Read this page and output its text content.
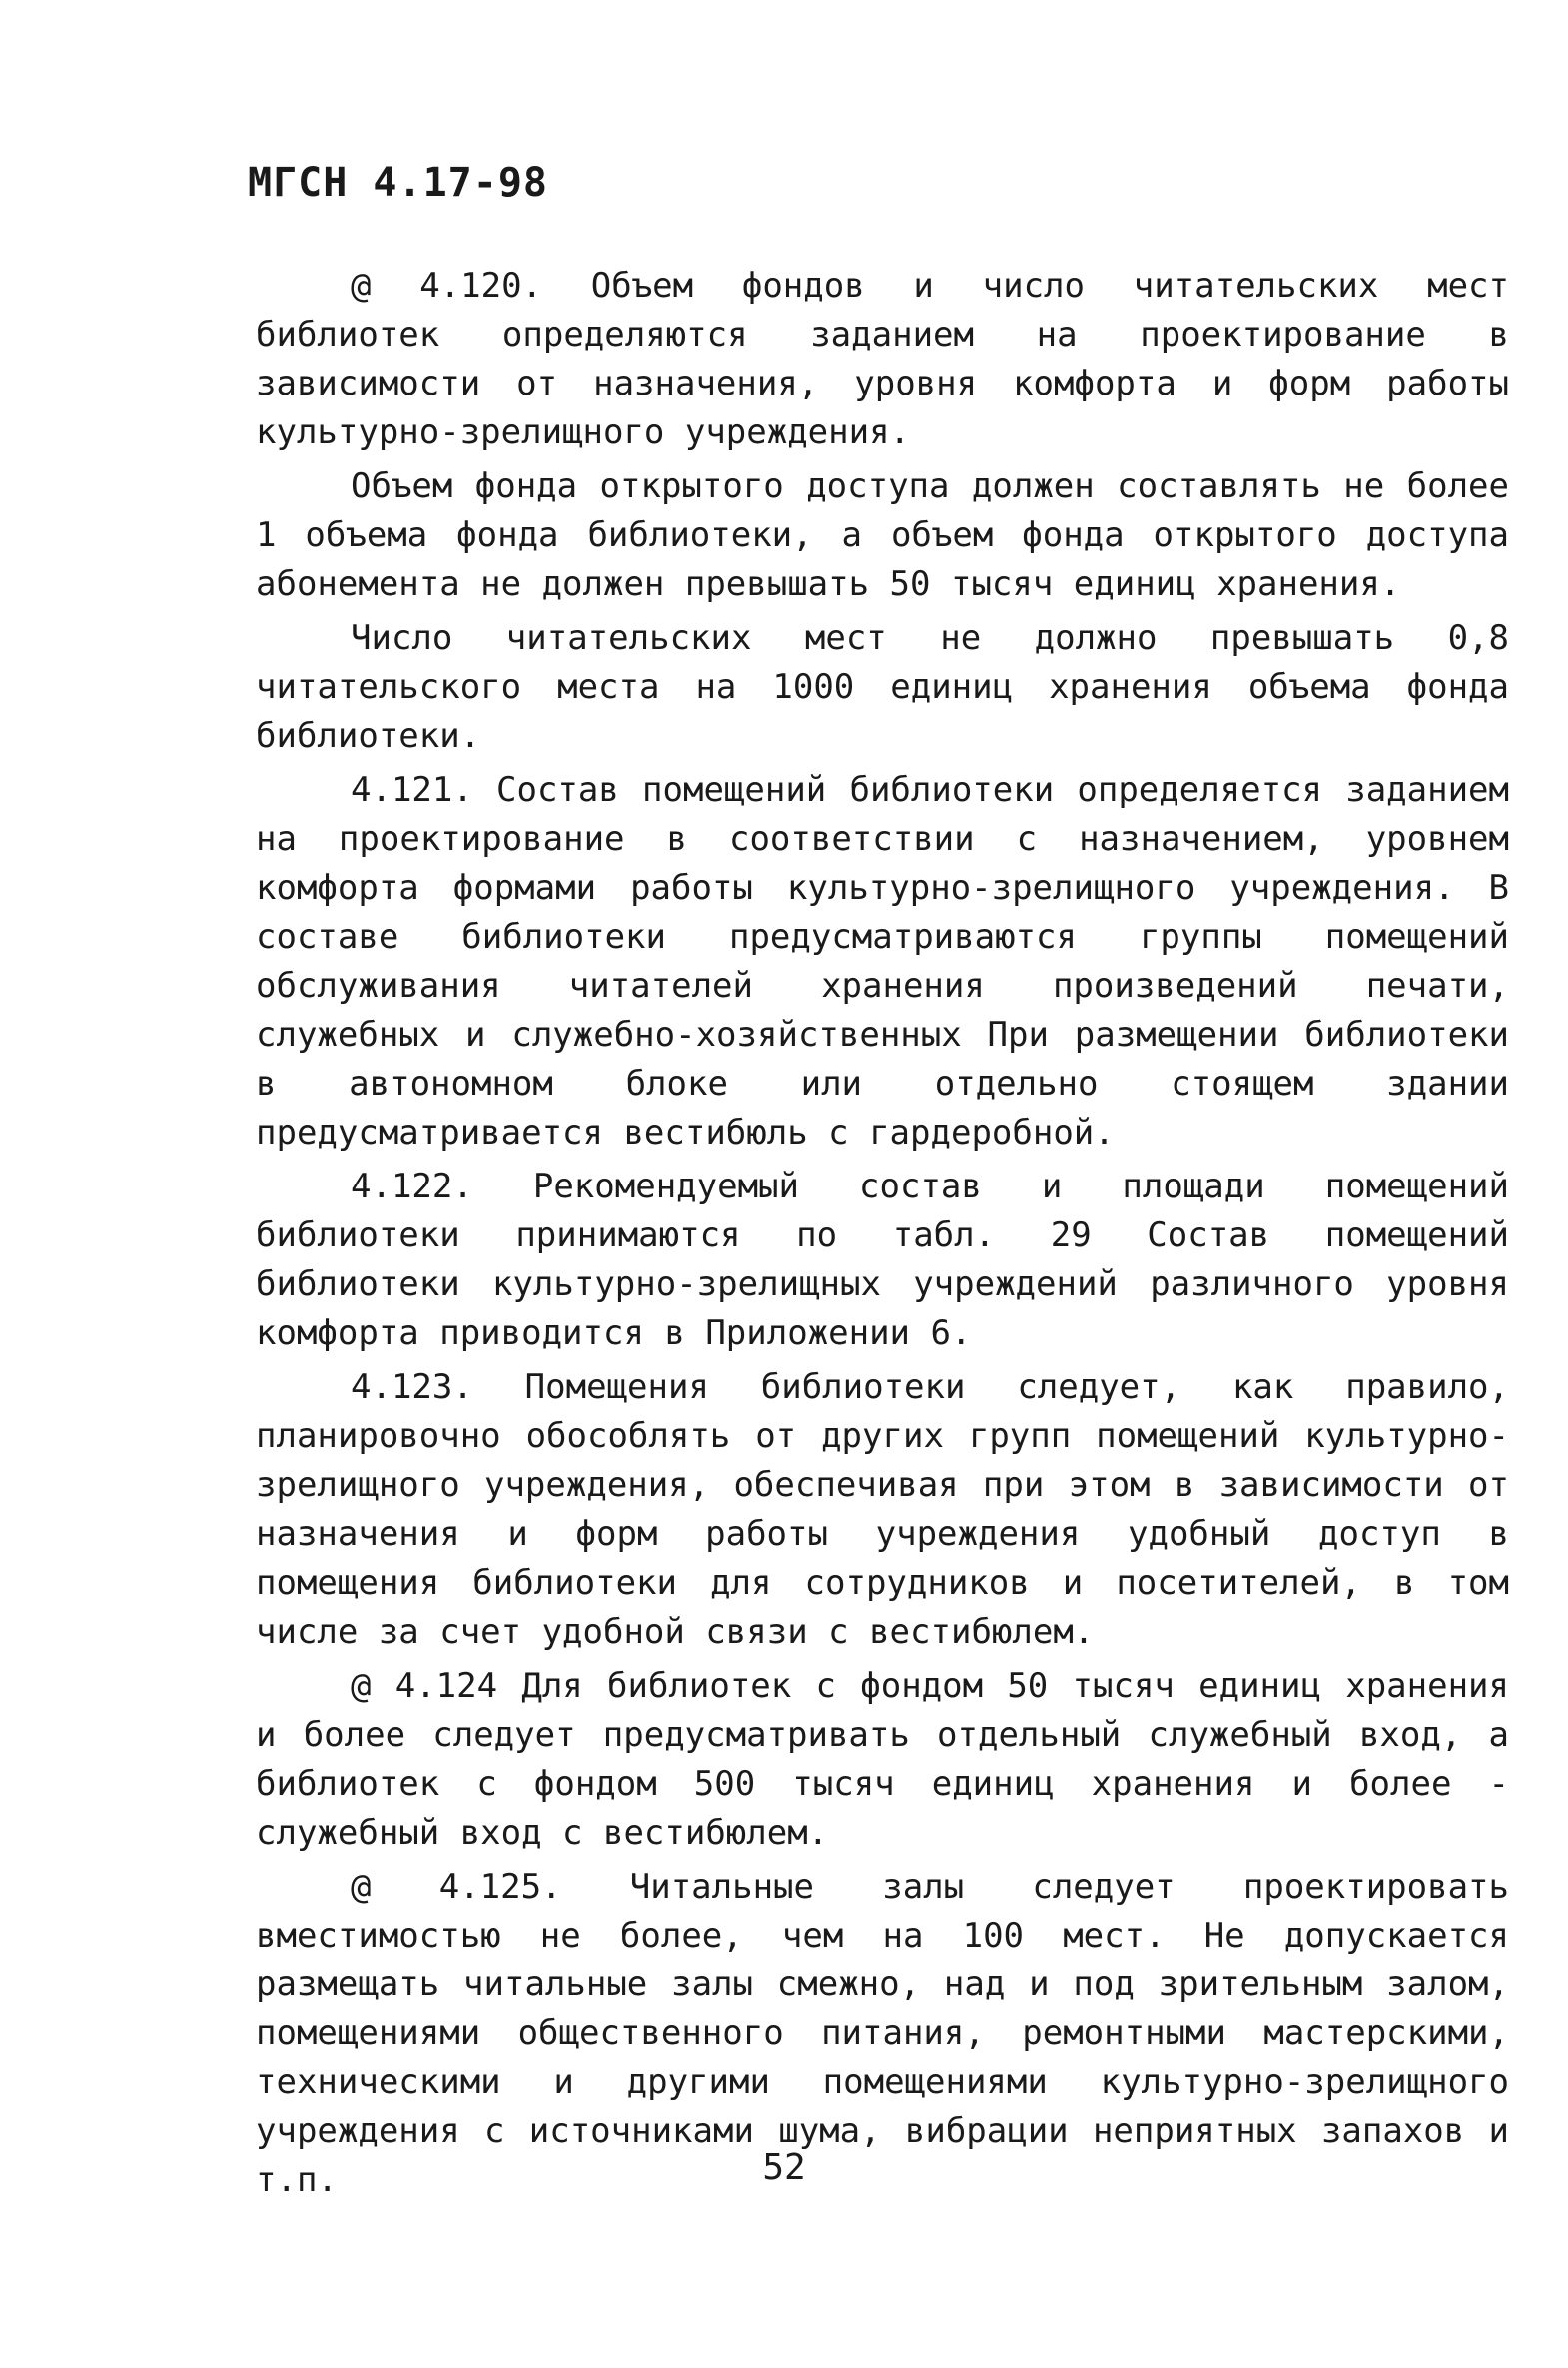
МГСН 4.17-98

@ 4.120. Объем фондов и число читательских мест библиотек определяются заданием на проектирование в зависимости от назначения, уровня комфорта и форм работы культурно-зрелищного учреждения.

Объем фонда открытого доступа должен составлять не более 1 объема фонда библиотеки, а объем фонда открытого доступа абонемента не должен превышать 50 тысяч единиц хранения.

Число читательских мест не должно превышать 0,8 читательского места на 1000 единиц хранения объема фонда библиотеки.

4.121. Состав помещений библиотеки определяется заданием на проектирование в соответствии с назначением, уровнем комфорта формами работы культурно-зрелищного учреждения. В составе библиотеки предусматриваются группы помещений обслуживания читателей хранения произведений печати, служебных и служебно-хозяйственных При размещении библиотеки в автономном блоке или отдельно стоящем здании предусматривается вестибюль с гардеробной.

4.122. Рекомендуемый состав и площади помещений библиотеки принимаются по табл. 29 Состав помещений библиотеки культурно-зрелищных учреждений различного уровня комфорта приводится в Приложении 6.

4.123. Помещения библиотеки следует, как правило, планировочно обособлять от других групп помещений культурно-зрелищного учреждения, обеспечивая при этом в зависимости от назначения и форм работы учреждения удобный доступ в помещения библиотеки для сотрудников и посетителей, в том числе за счет удобной связи с вестибюлем.

@ 4.124 Для библиотек с фондом 50 тысяч единиц хранения и более следует предусматривать отдельный служебный вход, а библиотек с фондом 500 тысяч единиц хранения и более - служебный вход с вестибюлем.

@ 4.125. Читальные залы следует проектировать вместимостью не более, чем на 100 мест. Не допускается размещать читальные залы смежно, над и под зрительным залом, помещениями общественного питания, ремонтными мастерскими, техническими и другими помещениями культурно-зрелищного учреждения с источниками шума, вибрации неприятных запахов и т.п.	52
